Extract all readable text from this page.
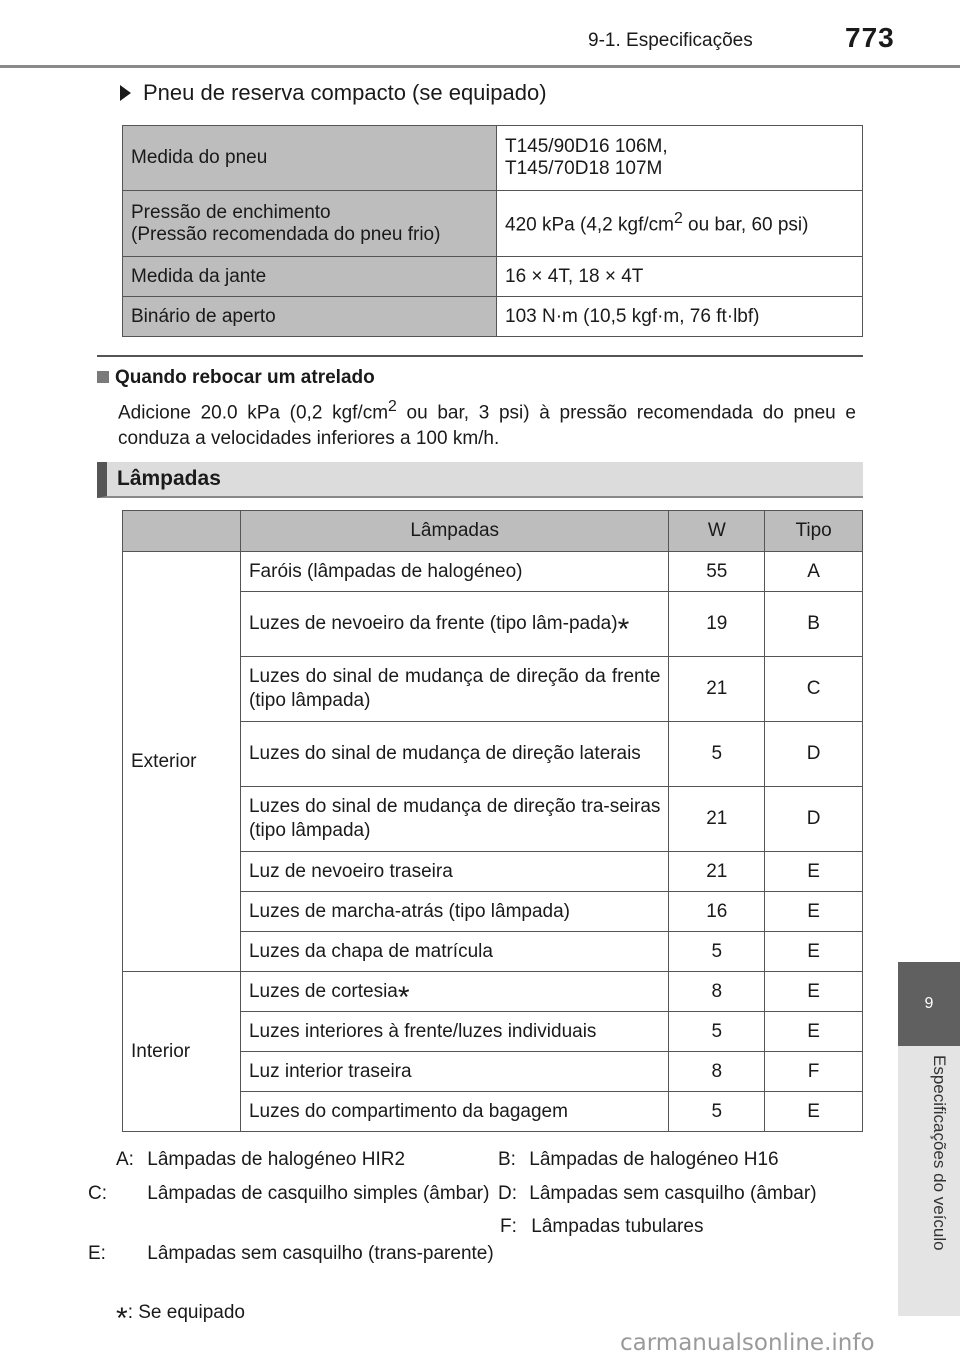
9-1. Especificações	773
9
Especificações do veículo
Pneu de reserva compacto (se equipado)
Medida do pneu	T145/90D16 106M,
T145/70D18 107M
Pressão de enchimento
(Pressão recomendada do pneu frio)	420 kPa (4,2 kgf/$cm^2$ ou bar, 60 psi)
Medida da jante	16 × 4T, 18 × 4T
Binário de aperto	103 N·m (10,5 kgf·m, 76 ft·lbf)
Quando rebocar um atrelado
Adicione 20.0 kPa (0,2 kgf/$cm^2$ ou bar, 3 psi) à pressão recomendada do pneu e conduza a velocidades inferiores a 100 km/h.
Lâmpadas
	Lâmpadas	W	Tipo
Exterior	Faróis (lâmpadas de halogéneo)	55	A
	Luzes de nevoeiro da frente (tipo lâm-pada)*	19	B
	Luzes do sinal de mudança de direção da frente (tipo lâmpada)	21	C
	Luzes do sinal de mudança de direção laterais	5	D
	Luzes do sinal de mudança de direção tra-seiras (tipo lâmpada)	21	D
	Luz de nevoeiro traseira	21	E
	Luzes de marcha-atrás (tipo lâmpada)	16	E
	Luzes da chapa de matrícula	5	E
Interior	Luzes de cortesia*	8	E
	Luzes interiores à frente/luzes individuais	5	E
	Luz interior traseira	8	F
	Luzes do compartimento da bagagem	5	E
A: Lâmpadas de halogéneo HIR2	B: Lâmpadas de halogéneo H16
C: Lâmpadas de casquilho simples (âmbar) D: Lâmpadas sem casquilho (âmbar)
F: Lâmpadas tubulares
E: Lâmpadas sem casquilho (trans-parente)
*: Se equipado
carmanualsonline.info
